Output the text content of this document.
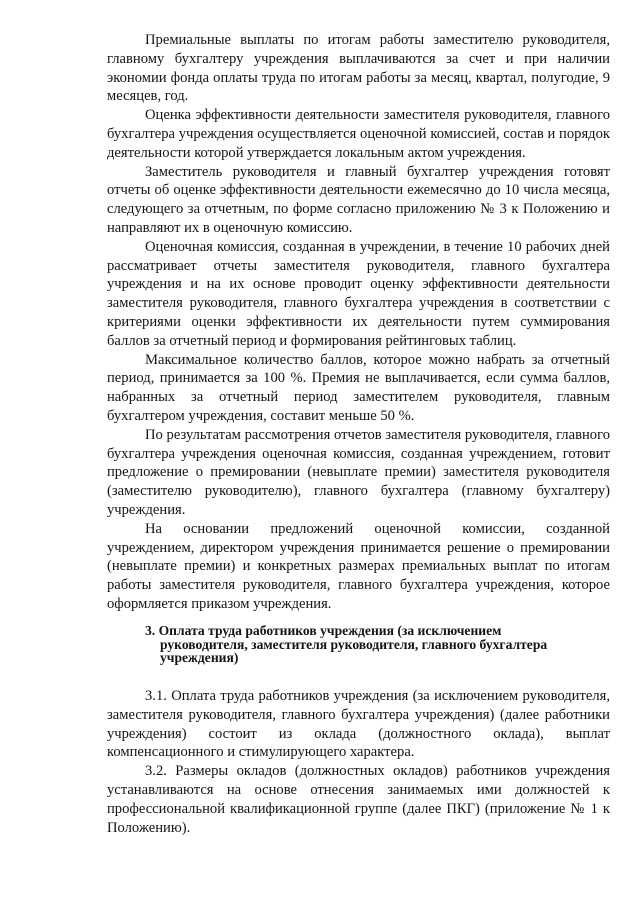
Премиальные выплаты по итогам работы заместителю руководителя, главному бухгалтеру учреждения выплачиваются за счет и при наличии экономии фонда оплаты труда по итогам работы за месяц, квартал, полугодие, 9 месяцев, год.

Оценка эффективности деятельности заместителя руководителя, главного бухгалтера учреждения осуществляется оценочной комиссией, состав и порядок деятельности которой утверждается локальным актом учреждения.

Заместитель руководителя и главный бухгалтер учреждения готовят отчеты об оценке эффективности деятельности ежемесячно до 10 числа месяца, следующего за отчетным, по форме согласно приложению № 3 к Положению и направляют их в оценочную комиссию.

Оценочная комиссия, созданная в учреждении, в течение 10 рабочих дней рассматривает отчеты заместителя руководителя, главного бухгалтера учреждения и на их основе проводит оценку эффективности деятельности заместителя руководителя, главного бухгалтера учреждения в соответствии с критериями оценки эффективности их деятельности путем суммирования баллов за отчетный период и формирования рейтинговых таблиц.

Максимальное количество баллов, которое можно набрать за отчетный период, принимается за 100 %. Премия не выплачивается, если сумма баллов, набранных за отчетный период заместителем руководителя, главным бухгалтером учреждения, составит меньше 50 %.

По результатам рассмотрения отчетов заместителя руководителя, главного бухгалтера учреждения оценочная комиссия, созданная учреждением, готовит предложение о премировании (невыплате премии) заместителя руководителя (заместителю руководителю), главного бухгалтера (главному бухгалтеру) учреждения.

На основании предложений оценочной комиссии, созданной учреждением, директором учреждения принимается решение о премировании (невыплате премии) и конкретных размерах премиальных выплат по итогам работы заместителя руководителя, главного бухгалтера учреждения, которое оформляется приказом учреждения.

3. Оплата труда работников учреждения (за исключением
руководителя, заместителя руководителя, главного бухгалтера
учреждения)

3.1. Оплата труда работников учреждения (за исключением руководителя, заместителя руководителя, главного бухгалтера учреждения) (далее работники учреждения) состоит из оклада (должностного оклада), выплат компенсационного и стимулирующего характера.

3.2. Размеры окладов (должностных окладов) работников учреждения устанавливаются на основе отнесения занимаемых ими должностей к профессиональной квалификационной группе (далее ПКГ) (приложение № 1 к Положению).
